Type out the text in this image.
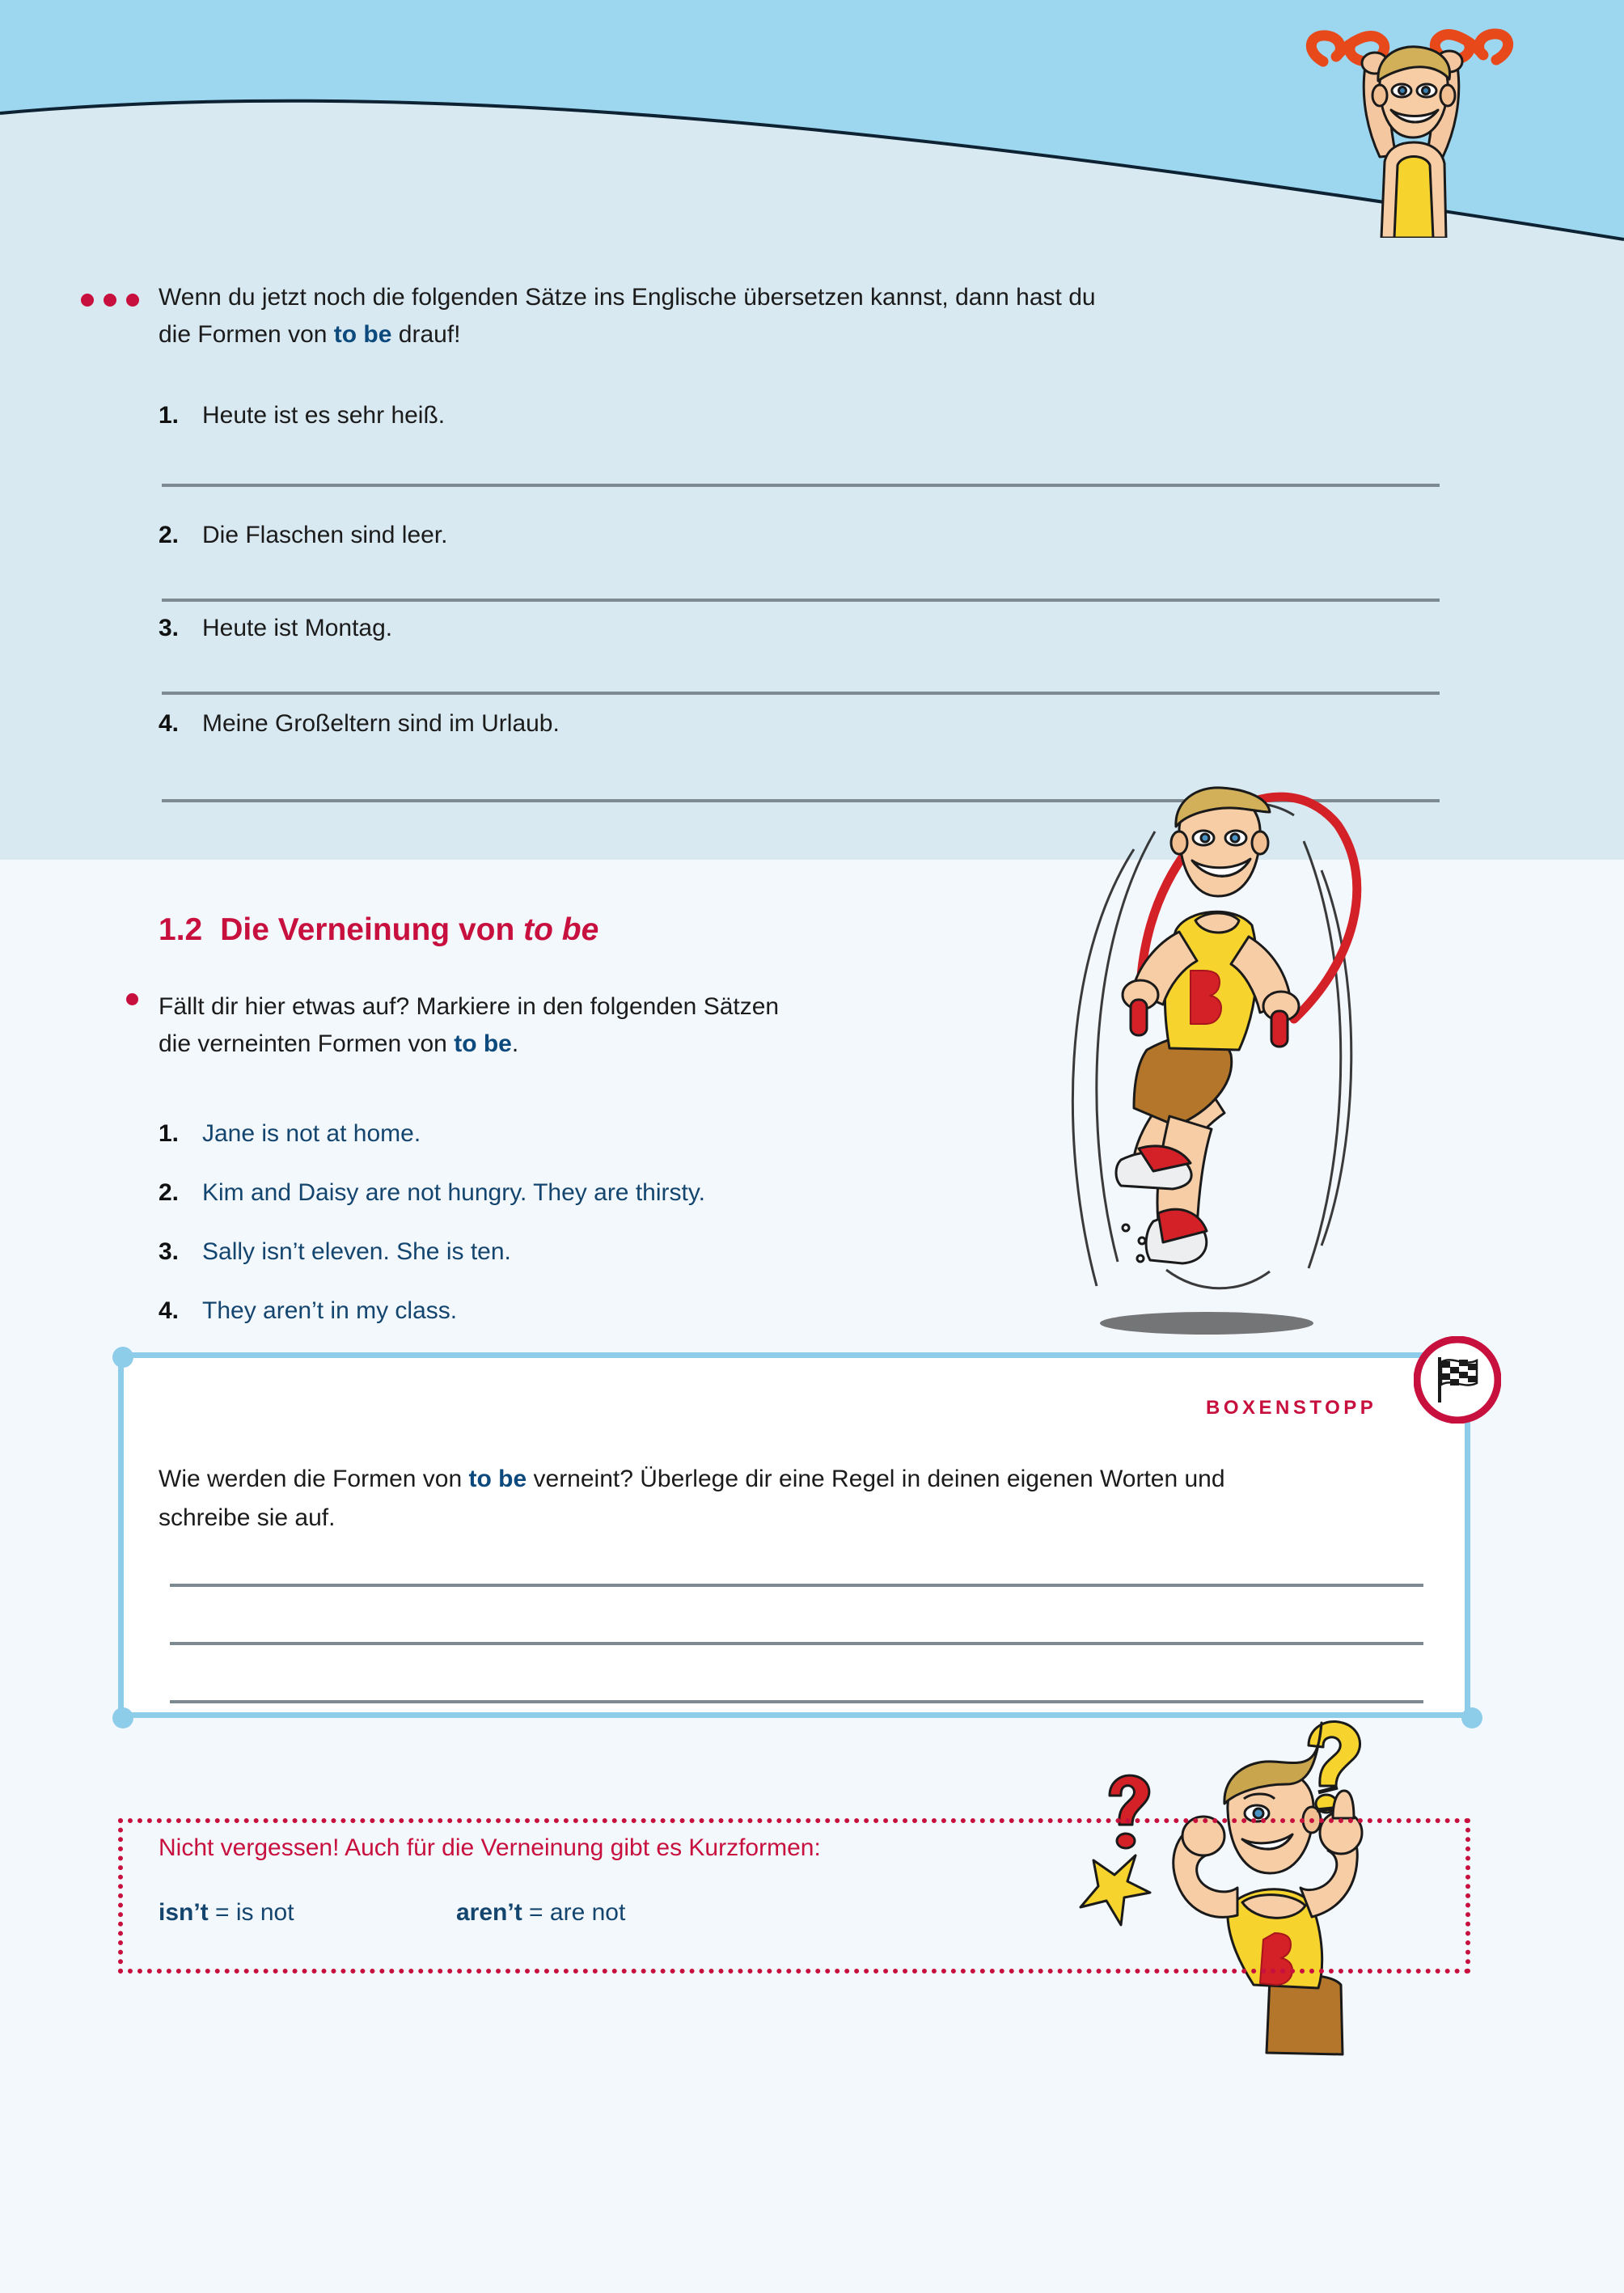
Wenn du jetzt noch die folgenden Sätze ins Englische übersetzen kannst, dann hast du
die Formen von to be drauf!
1. Heute ist es sehr heiß.
2. Die Flaschen sind leer.
3. Heute ist Montag.
4. Meine Großeltern sind im Urlaub.
1.2 Die Verneinung von to be
Fällt dir hier etwas auf? Markiere in den folgenden Sätzen
die verneinten Formen von to be.
1. Jane is not at home.
2. Kim and Daisy are not hungry. They are thirsty.
3. Sally isn’t eleven. She is ten.
4. They aren’t in my class.
Wie werden die Formen von to be verneint? Überlege dir eine Regel in deinen eigenen Worten und
schreibe sie auf.
Nicht vergessen! Auch für die Verneinung gibt es Kurzformen:
isn’t = is not	aren’t = are not
